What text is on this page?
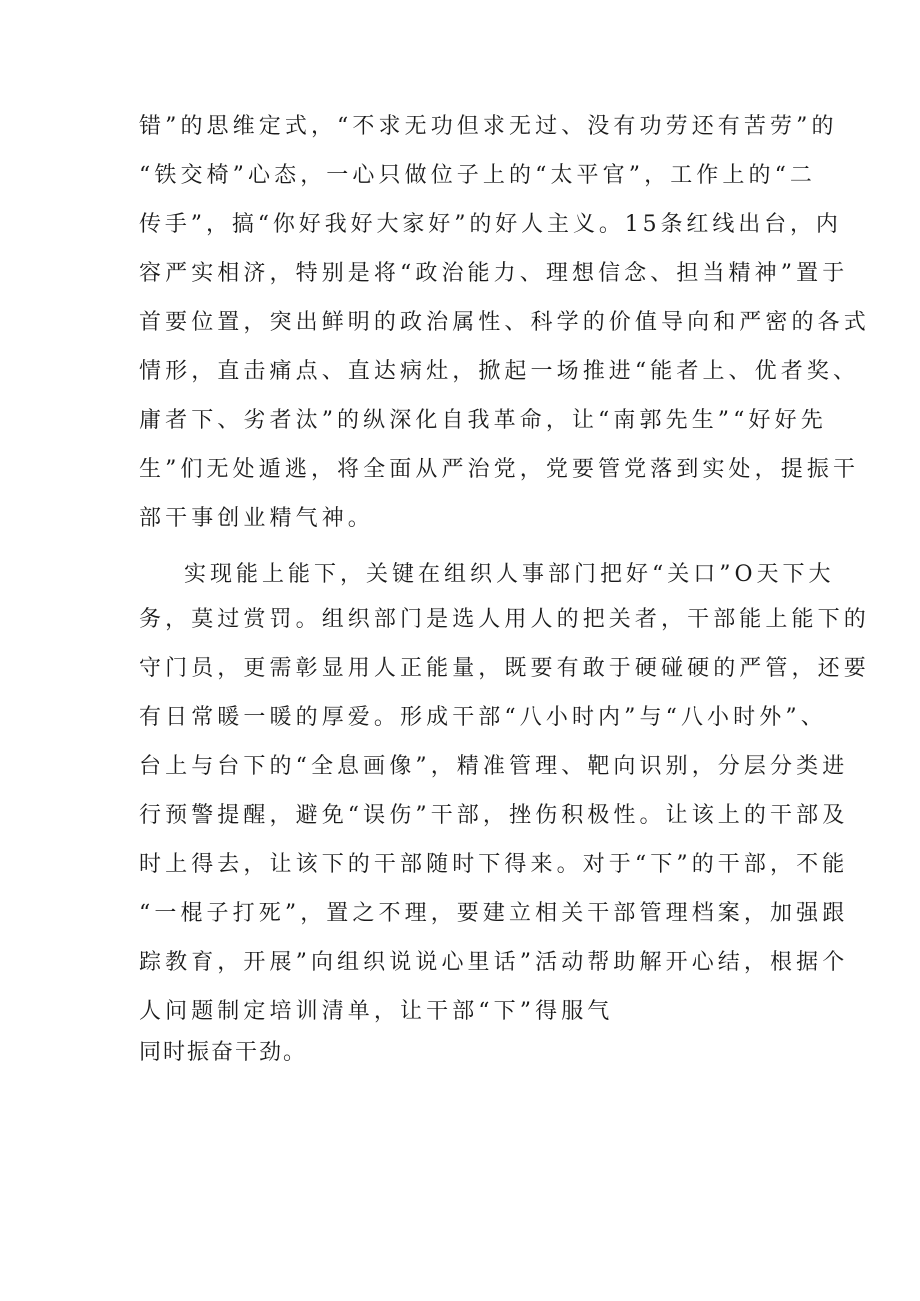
错”的思维定式，“不求无功但求无过、没有功劳还有苦劳”的
“铁交椅”心态，一心只做位子上的“太平官”，工作上的“二
传手”，搞“你好我好大家好”的好人主义。15条红线出台，内
容严实相济，特别是将“政治能力、理想信念、担当精神”置于
首要位置，突出鲜明的政治属性、科学的价值导向和严密的各式
情形，直击痛点、直达病灶，掀起一场推进“能者上、优者奖、
庸者下、劣者汰”的纵深化自我革命，让“南郭先生”“好好先
生”们无处遁逃，将全面从严治党，党要管党落到实处，提振干
部干事创业精气神。
实现能上能下，关键在组织人事部门把好“关口”O天下大
务，莫过赏罚。组织部门是选人用人的把关者，干部能上能下的
守门员，更需彰显用人正能量，既要有敢于硬碰硬的严管，还要
有日常暖一暖的厚爱。形成干部“八小时内”与“八小时外”、
台上与台下的“全息画像”，精准管理、靶向识别，分层分类进
行预警提醒，避免“误伤”干部，挫伤积极性。让该上的干部及
时上得去，让该下的干部随时下得来。对于“下”的干部，不能
“一棍子打死”，置之不理，要建立相关干部管理档案，加强跟
踪教育，开展”向组织说说心里话”活动帮助解开心结，根据个
人问题制定培训清单，让干部“下”得服气
同时振奋干劲。
